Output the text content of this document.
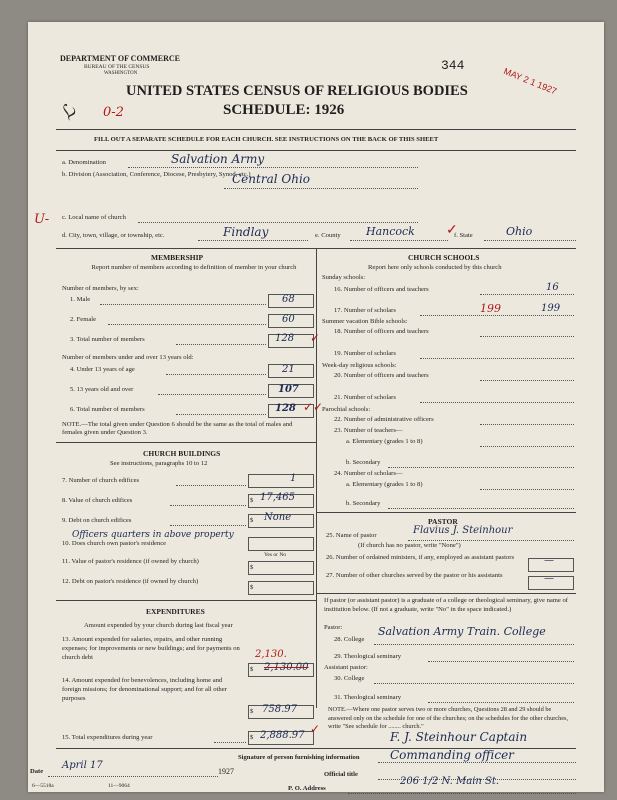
DEPARTMENT OF COMMERCE
BUREAU OF THE CENSUS
WASHINGTON
344
MAY 2 1 1927
ℒ 0-2
UNITED STATES CENSUS OF RELIGIOUS BODIES
SCHEDULE: 1926
FILL OUT A SEPARATE SCHEDULE FOR EACH CHURCH. SEE INSTRUCTIONS ON THE BACK OF THIS SHEET
a. Denomination	Salvation Army
b. Division (Association, Conference, Diocese, Presbytery, Synod, etc.)
Central Ohio
U- c. Local name of church
d. City, town, village, or township, etc.	Findlay	e. County Hancock ✓
f. State	Ohio
MEMBERSHIP
Report number of members according to definition of member in your church
Number of members, by sex:
1. Male	68
2. Female	60
3. Total number of members	128 ✓
Number of members under and over 13 years old:
4. Under 13 years of age	21
5. 13 years old and over	107
6. Total number of members	128 ✓✓
NOTE.—The total given under Question 6 should be the same as the total of males and females given under Question 3.
CHURCH BUILDINGS
See instructions, paragraphs 10 to 12
7. Number of church edifices	1
8. Value of church edifices	$ 17,465
9. Debt on church edifices	$ None
Officers quarters in above property
10. Does church own pastor's residence
Yes or No
11. Value of pastor's residence (if owned by church)
$
12. Debt on pastor's residence (if owned by church)
$
EXPENDITURES
Amount expended by your church during last fiscal year
13. Amount expended for salaries, repairs, and other running expenses; for improvements or new buildings; and for payments on church debt	2,130.
$ 2,130.00
14. Amount expended for benevolences, including home and foreign missions; for denominational support; and for all other purposes
$ 758.97
15. Total expenditures during year	$ 2,888.97 ✓
CHURCH SCHOOLS
Report here only schools conducted by this church
Sunday schools:
16. Number of officers and teachers	16
17. Number of scholars	199	199
Summer vacation Bible schools:
18. Number of officers and teachers
19. Number of scholars
Week-day religious schools:
20. Number of officers and teachers
21. Number of scholars
Parochial schools:
22. Number of administrative officers
23. Number of teachers—
a. Elementary (grades 1 to 8)
b. Secondary
24. Number of scholars—
a. Elementary (grades 1 to 8)
b. Secondary
PASTOR
25. Name of pastor	Flavius J. Steinhour
(If church has no pastor, write "None")
26. Number of ordained ministers, if any, employed as assistant pastors	—
27. Number of other churches served by the pastor or his assistants	—
If pastor (or assistant pastor) is a graduate of a college or theological seminary, give name of institution below. (If not a graduate, write "No" in the space indicated.)
Pastor:
28. College
Salvation Army Train. College
29. Theological seminary
Assistant pastor:
30. College
31. Theological seminary
NOTE.—Where one pastor serves two or more churches, Questions 28 and 29 should be answered only on the schedule for one of the churches; on the schedules for the other churches, write "See schedule for ........ church."
F. J. Steinhour Captain
Signature of person furnishing information	Commanding officer
Official title
Date
April 17
1927
P. O. Address
206 1/2 N. Main St.
6—5518a	11—9064
